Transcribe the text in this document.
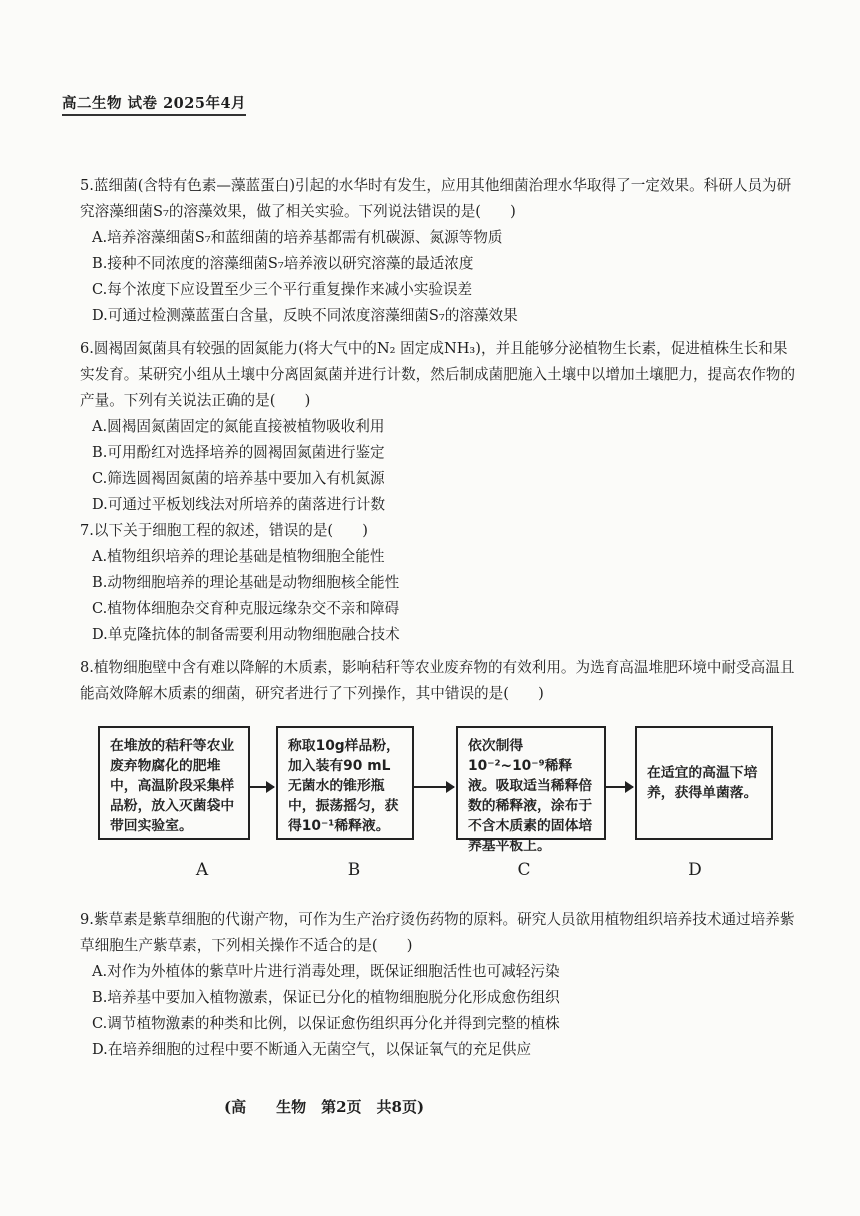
高二生物 试卷 2025年4月

5.蓝细菌(含特有色素—藻蓝蛋白)引起的水华时有发生，应用其他细菌治理水华取得了一定效果。科研人员为研究溶藻细菌S₇的溶藻效果，做了相关实验。下列说法错误的是(　　)

A.培养溶藻细菌S₇和蓝细菌的培养基都需有机碳源、氮源等物质

B.接种不同浓度的溶藻细菌S₇培养液以研究溶藻的最适浓度

C.每个浓度下应设置至少三个平行重复操作来减小实验误差

D.可通过检测藻蓝蛋白含量，反映不同浓度溶藻细菌S₇的溶藻效果

6.圆褐固氮菌具有较强的固氮能力(将大气中的N₂ 固定成NH₃)，并且能够分泌植物生长素，促进植株生长和果实发育。某研究小组从土壤中分离固氮菌并进行计数，然后制成菌肥施入土壤中以增加土壤肥力，提高农作物的产量。下列有关说法正确的是(　　)

A.圆褐固氮菌固定的氮能直接被植物吸收利用

B.可用酚红对选择培养的圆褐固氮菌进行鉴定

C.筛选圆褐固氮菌的培养基中要加入有机氮源

D.可通过平板划线法对所培养的菌落进行计数

7.以下关于细胞工程的叙述，错误的是(　　)

A.植物组织培养的理论基础是植物细胞全能性

B.动物细胞培养的理论基础是动物细胞核全能性

C.植物体细胞杂交育种克服远缘杂交不亲和障碍

D.单克隆抗体的制备需要利用动物细胞融合技术

8.植物细胞壁中含有难以降解的木质素，影响秸秆等农业废弃物的有效利用。为选育高温堆肥环境中耐受高温且能高效降解木质素的细菌，研究者进行了下列操作，其中错误的是(　　)

在堆放的秸秆等农业废弃物腐化的肥堆中，高温阶段采集样品粉，放入灭菌袋中带回实验室。
称取10g样品粉，加入装有90 mL无菌水的锥形瓶中，振荡摇匀，获得10⁻¹稀释液。
依次制得10⁻²~10⁻⁹稀释液。吸取适当稀释倍数的稀释液，涂布于不含木质素的固体培养基平板上。
在适宜的高温下培养，获得单菌落。
A	B	C	D

9.紫草素是紫草细胞的代谢产物，可作为生产治疗烫伤药物的原料。研究人员欲用植物组织培养技术通过培养紫草细胞生产紫草素，下列相关操作不适合的是(　　)

A.对作为外植体的紫草叶片进行消毒处理，既保证细胞活性也可减轻污染

B.培养基中要加入植物激素，保证已分化的植物细胞脱分化形成愈伤组织

C.调节植物激素的种类和比例，以保证愈伤组织再分化并得到完整的植株

D.在培养细胞的过程中要不断通入无菌空气，以保证氧气的充足供应

(高　　生物　第2页　共8页)
